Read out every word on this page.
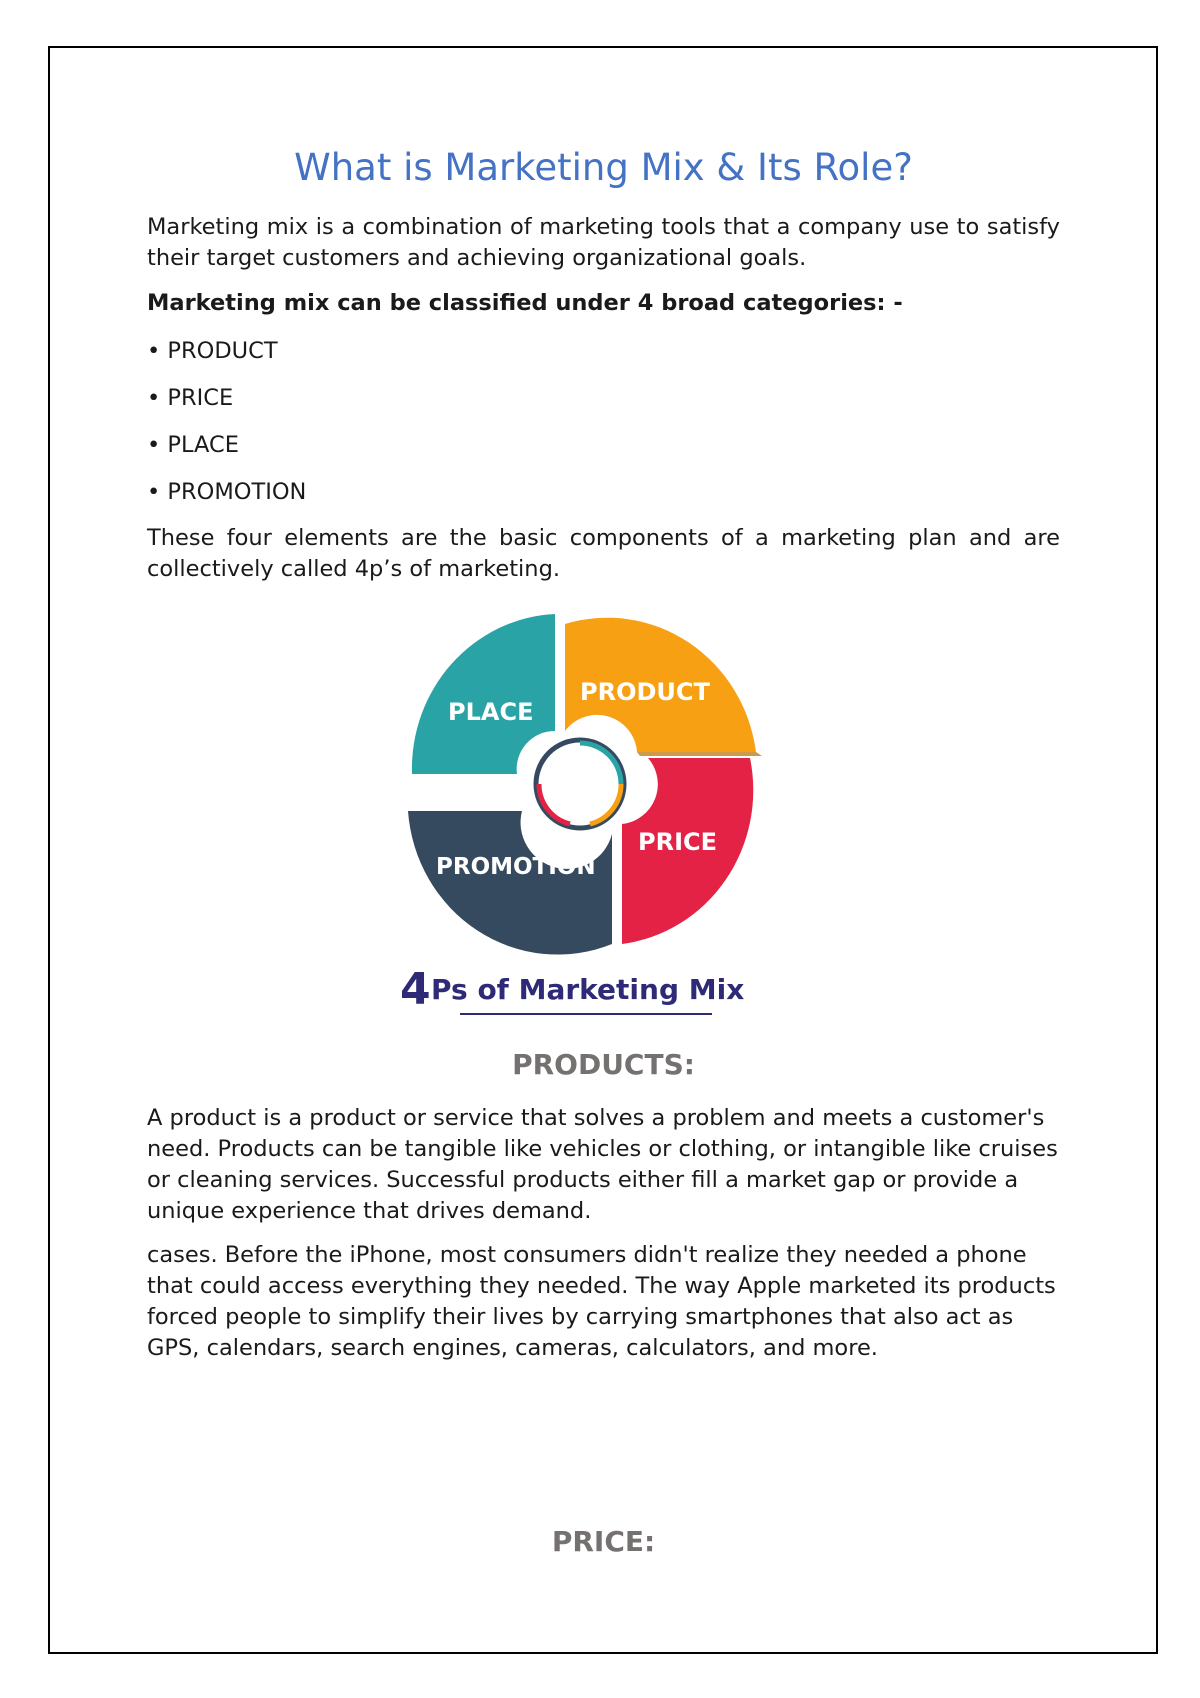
What is Marketing Mix & Its Role?

Marketing mix is a combination of marketing tools that a company use to satisfy their target customers and achieving organizational goals.

Marketing mix can be classified under 4 broad categories: -

• PRODUCT

• PRICE

• PLACE

• PROMOTION

These four elements are the basic components of a marketing plan and are collectively called 4p’s of marketing.

PRODUCTS:

A product is a product or service that solves a problem and meets a customer's need. Products can be tangible like vehicles or clothing, or intangible like cruises or cleaning services. Successful products either fill a market gap or provide a unique experience that drives demand.

cases. Before the iPhone, most consumers didn't realize they needed a phone that could access everything they needed. The way Apple marketed its products forced people to simplify their lives by carrying smartphones that also act as GPS, calendars, search engines, cameras, calculators, and more.

PRICE:
PLACE
PRODUCT
PRICE
PROMOTION
4 Ps of Marketing Mix
